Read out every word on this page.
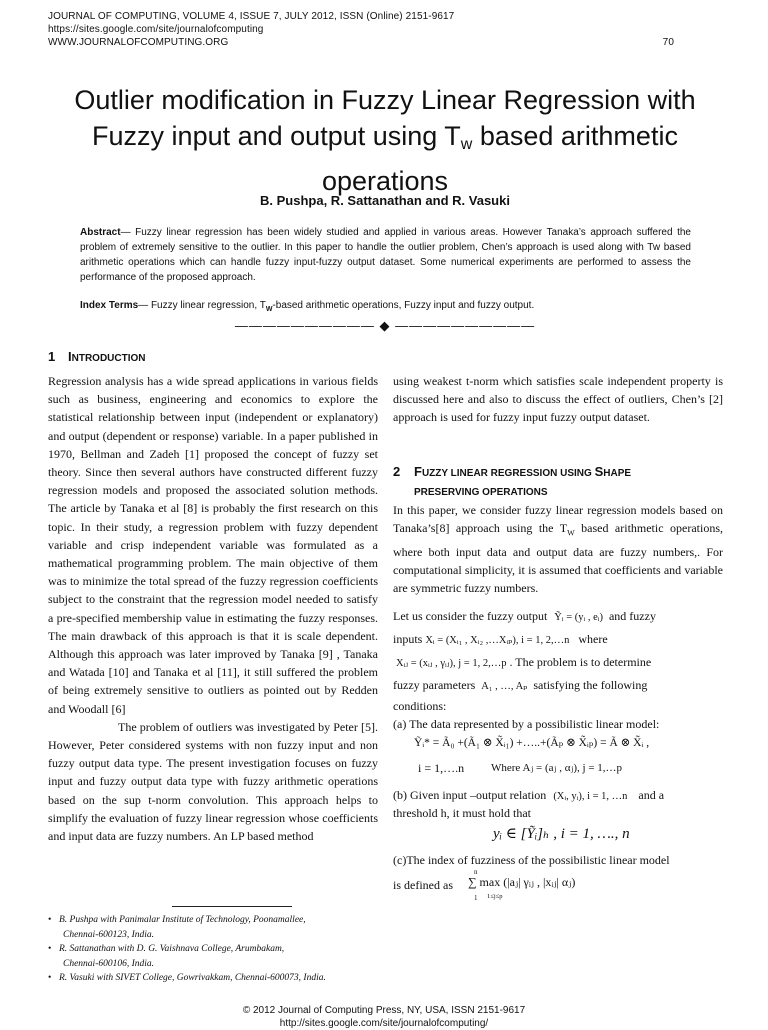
JOURNAL OF COMPUTING, VOLUME 4, ISSUE 7, JULY 2012, ISSN (Online) 2151-9617
https://sites.google.com/site/journalofcomputing
WWW.JOURNALOFCOMPUTING.ORG	70
Outlier modification in Fuzzy Linear Regression with
Fuzzy input and output using $T_w$ based arithmetic
operations
B. Pushpa, R. Sattanathan and R. Vasuki
Abstract— Fuzzy linear regression has been widely studied and applied in various areas. However Tanaka’s approach suffered the problem of extremely sensitive to the outlier. In this paper to handle the outlier problem, Chen’s approach is used along with Tw based arithmetic operations which can handle fuzzy input-fuzzy output dataset. Some numerical experiments are performed to assess the performance of the proposed approach.
Index Terms— Fuzzy linear regression, $T_W$-based arithmetic operations, Fuzzy input and fuzzy output.
—————————— ◆ ——————————
1 INTRODUCTION
Regression analysis has a wide spread applications in various fields such as business, engineering and economics to explore the statistical relationship between input (independent or explanatory) and output (dependent or response) variable. In a paper published in 1970, Bellman and Zadeh [1] proposed the concept of fuzzy set theory. Since then several authors have constructed different fuzzy regression models and proposed the associated solution methods. The article by Tanaka et al [8] is probably the first research on this topic. In their study, a regression problem with fuzzy dependent variable and crisp independent variable was formulated as a mathematical programming problem. The main objective of them was to minimize the total spread of the fuzzy regression coefficients subject to the constraint that the regression model needed to satisfy a pre-specified membership value in estimating the fuzzy responses. The main drawback of this approach is that it is scale dependent. Although this approach was later improved by Tanaka [9] , Tanaka and Watada [10] and Tanaka et al [11], it still suffered the problem of being extremely sensitive to outliers as pointed out by Redden and Woodall [6]
The problem of outliers was investigated by Peter [5]. However, Peter considered systems with non fuzzy input and non fuzzy output data type. The present investigation focuses on fuzzy input and fuzzy output data type with fuzzy arithmetic operations based on the sup t-norm convolution. This approach helps to simplify the evaluation of fuzzy linear regression whose coefficients and input data are fuzzy numbers. An LP based method
using weakest t-norm which satisfies scale independent property is discussed here and also to discuss the effect of outliers, Chen’s [2] approach is used for fuzzy input fuzzy output dataset.
2 FUZZY LINEAR REGRESSION USING SHAPE
PRESERVING OPERATIONS
In this paper, we consider fuzzy linear regression models based on Tanaka’s[8] approach using the $T_W$ based arithmetic operations, where both input data and output data are fuzzy numbers,. For computational simplicity, it is assumed that coefficients and variable are symmetric fuzzy numbers.
Let us consider the fuzzy output Ỹᵢ = (yᵢ , eᵢ) and fuzzy
inputs Xᵢ = (Xᵢ₁ , Xᵢ₂ ,…Xᵢₚ), i = 1, 2,…n where
Xᵢⱼ = (xᵢⱼ , γᵢⱼ), j = 1, 2,…p . The problem is to determine
fuzzy parameters A₁ , …, Aₚ satisfying the following
conditions:
(a) The data represented by a possibilistic linear model:
Ỹᵢ* = Ã₀ +(Ã₁ ⊗ X̃ᵢ₁) +…..+(Ãₚ ⊗ X̃ᵢₚ) = Ã ⊗ X̃ᵢ ,
i = 1,….n Where Aⱼ = (aⱼ , αⱼ), j = 1,…p
(b) Given input –output relation (Xᵢ, yᵢ), i = 1, …n and a
threshold h, it must hold that
yᵢ ∈ [Ỹᵢ]ₕ , i = 1, …., n
(c)The index of fuzziness of the possibilistic linear model
is defined as
n
1
∑ max (|aⱼ| γᵢⱼ , |xᵢⱼ| αⱼ)
1≤j≤p
• B. Pushpa with Panimalar Institute of Technology, Poonamallee,
Chennai-600123, India.
• R. Sattanathan with D. G. Vaishnava College, Arumbakam,
Chennai-600106, India.
• R. Vasuki with SIVET College, Gowrivakkam, Chennai-600073, India.
© 2012 Journal of Computing Press, NY, USA, ISSN 2151-9617
http://sites.google.com/site/journalofcomputing/
